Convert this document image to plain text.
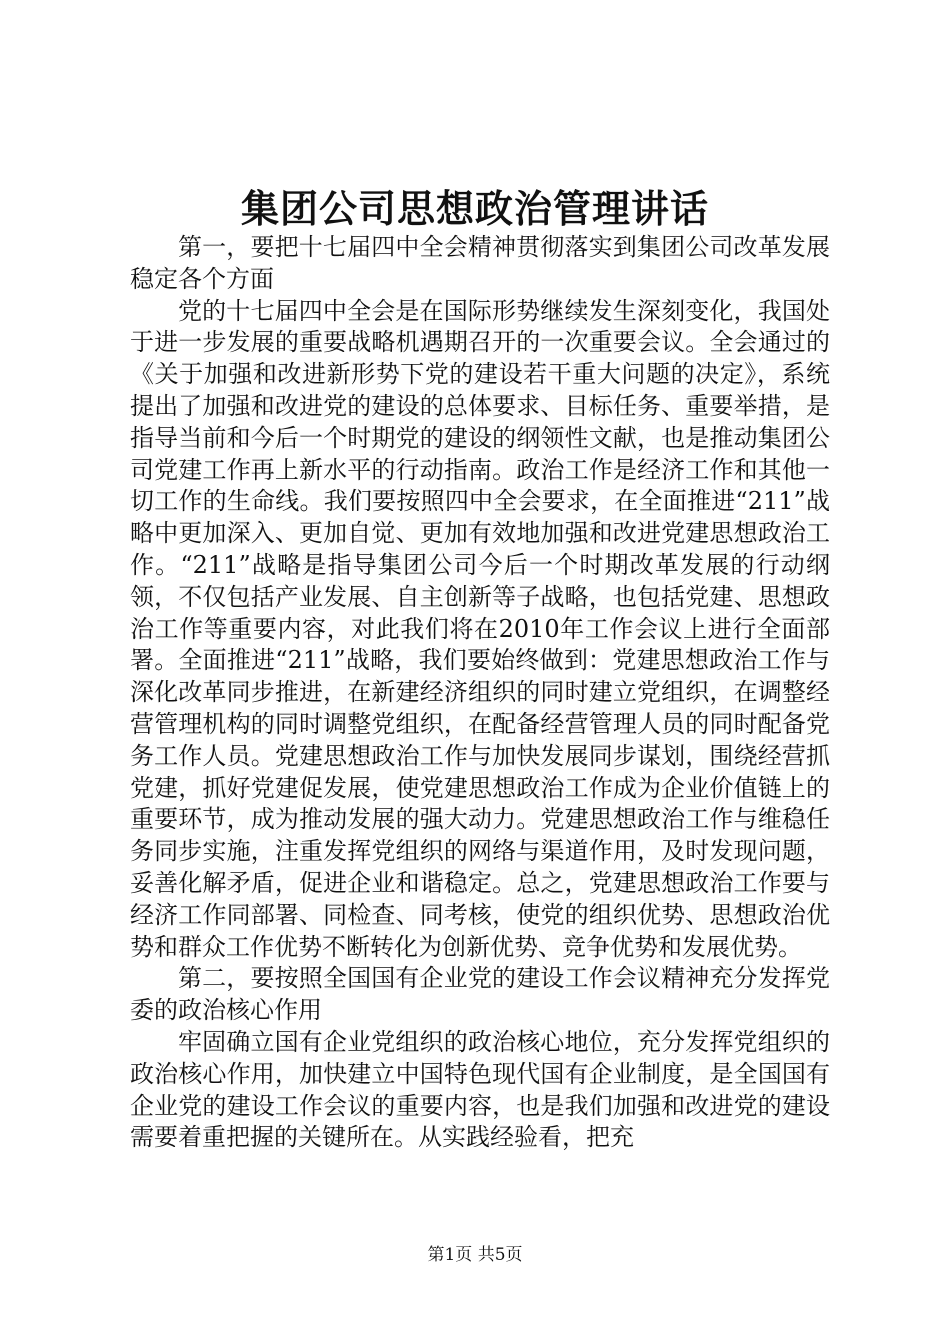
集团公司思想政治管理讲话

第一，要把十七届四中全会精神贯彻落实到集团公司改革发展稳定各个方面

党的十七届四中全会是在国际形势继续发生深刻变化，我国处于进一步发展的重要战略机遇期召开的一次重要会议。全会通过的《关于加强和改进新形势下党的建设若干重大问题的决定》，系统提出了加强和改进党的建设的总体要求、目标任务、重要举措，是指导当前和今后一个时期党的建设的纲领性文献，也是推动集团公司党建工作再上新水平的行动指南。政治工作是经济工作和其他一切工作的生命线。我们要按照四中全会要求，在全面推进“211”战略中更加深入、更加自觉、更加有效地加强和改进党建思想政治工作。“211”战略是指导集团公司今后一个时期改革发展的行动纲领，不仅包括产业发展、自主创新等子战略，也包括党建、思想政治工作等重要内容，对此我们将在2010年工作会议上进行全面部署。全面推进“211”战略，我们要始终做到：党建思想政治工作与深化改革同步推进，在新建经济组织的同时建立党组织，在调整经营管理机构的同时调整党组织，在配备经营管理人员的同时配备党务工作人员。党建思想政治工作与加快发展同步谋划，围绕经营抓党建，抓好党建促发展，使党建思想政治工作成为企业价值链上的重要环节，成为推动发展的强大动力。党建思想政治工作与维稳任务同步实施，注重发挥党组织的网络与渠道作用，及时发现问题，妥善化解矛盾，促进企业和谐稳定。总之，党建思想政治工作要与经济工作同部署、同检查、同考核，使党的组织优势、思想政治优势和群众工作优势不断转化为创新优势、竞争优势和发展优势。

第二，要按照全国国有企业党的建设工作会议精神充分发挥党委的政治核心作用

牢固确立国有企业党组织的政治核心地位，充分发挥党组织的政治核心作用，加快建立中国特色现代国有企业制度，是全国国有企业党的建设工作会议的重要内容，也是我们加强和改进党的建设需要着重把握的关键所在。从实践经验看，把充

第1页 共5页
